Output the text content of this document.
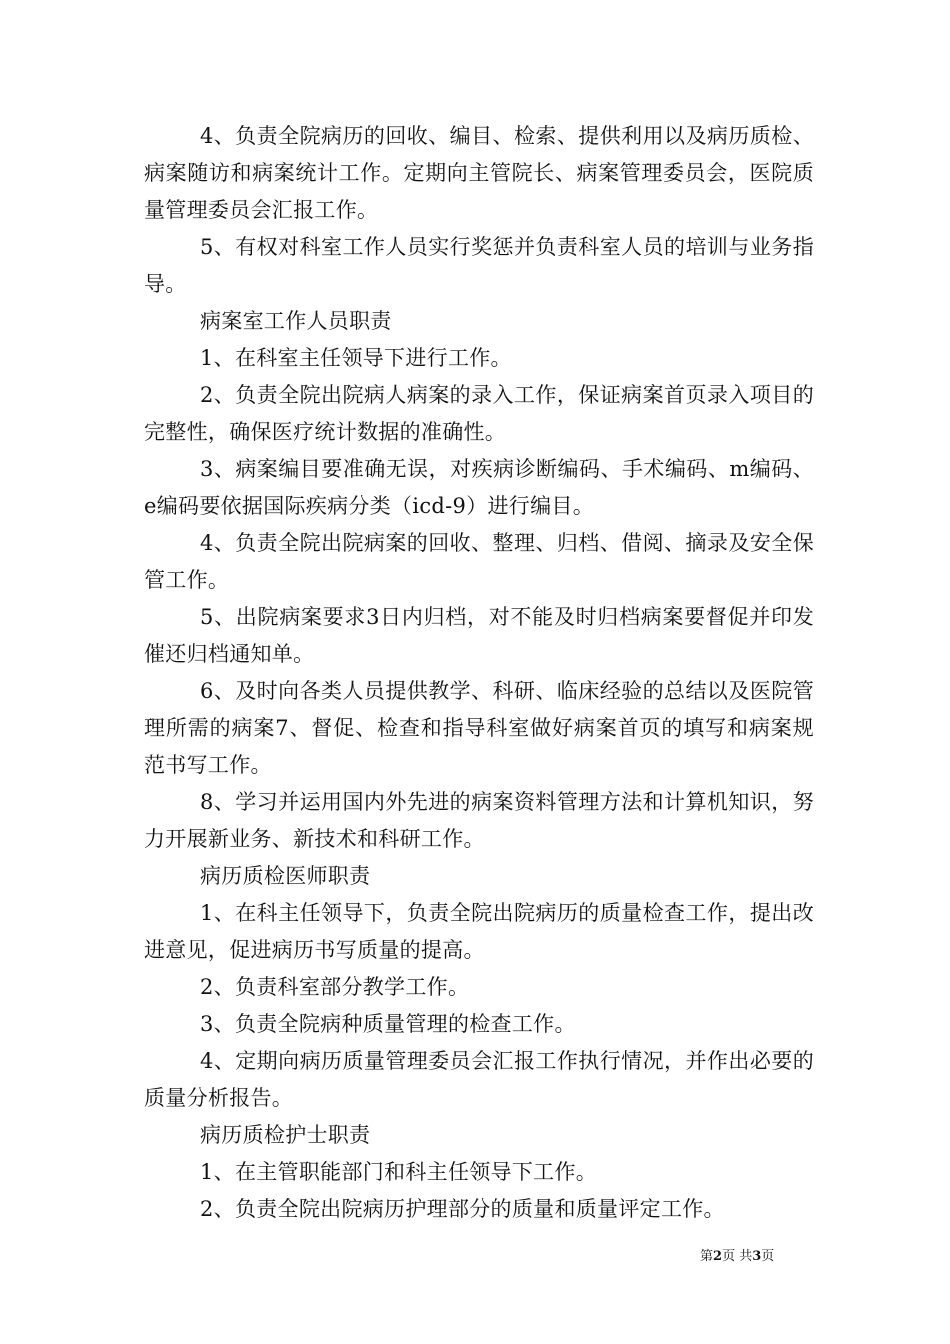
4、负责全院病历的回收、编目、检索、提供利用以及病历质检、病案随访和病案统计工作。定期向主管院长、病案管理委员会，医院质量管理委员会汇报工作。

5、有权对科室工作人员实行奖惩并负责科室人员的培训与业务指导。

病案室工作人员职责

1、在科室主任领导下进行工作。

2、负责全院出院病人病案的录入工作，保证病案首页录入项目的完整性，确保医疗统计数据的准确性。

3、病案编目要准确无误，对疾病诊断编码、手术编码、m编码、e编码要依据国际疾病分类（icd-9）进行编目。

4、负责全院出院病案的回收、整理、归档、借阅、摘录及安全保管工作。

5、出院病案要求3日内归档，对不能及时归档病案要督促并印发催还归档通知单。

6、及时向各类人员提供教学、科研、临床经验的总结以及医院管理所需的病案7、督促、检查和指导科室做好病案首页的填写和病案规范书写工作。

8、学习并运用国内外先进的病案资料管理方法和计算机知识，努力开展新业务、新技术和科研工作。

病历质检医师职责

1、在科主任领导下，负责全院出院病历的质量检查工作，提出改进意见，促进病历书写质量的提高。

2、负责科室部分教学工作。

3、负责全院病种质量管理的检查工作。

4、定期向病历质量管理委员会汇报工作执行情况，并作出必要的质量分析报告。

病历质检护士职责

1、在主管职能部门和科主任领导下工作。

2、负责全院出院病历护理部分的质量和质量评定工作。

第2页 共3页
